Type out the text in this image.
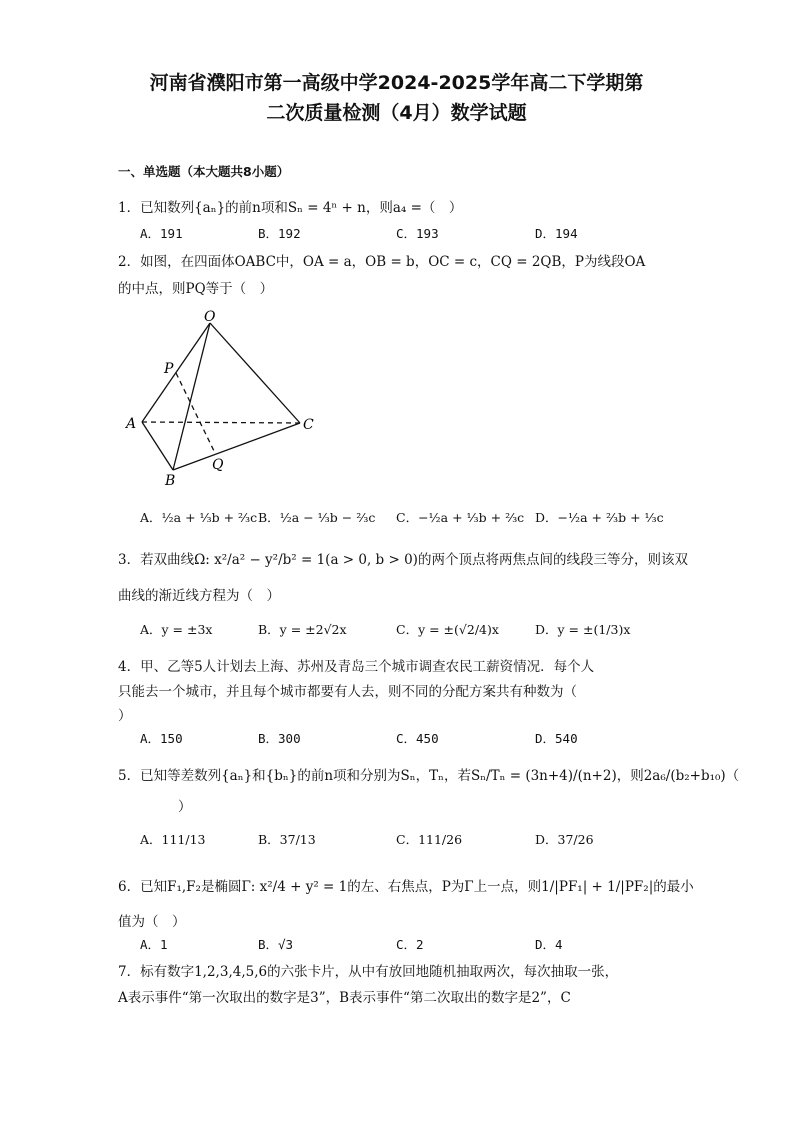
河南省濮阳市第一高级中学2024-2025学年高二下学期第
二次质量检测（4月）数学试题
一、单选题（本大题共8小题）
1．已知数列{aₙ}的前n项和Sₙ = 4ⁿ + n，则a₄ =（　）
A．191	B．192	C．193	D．194
2．如图，在四面体OABC中，OA = a，OB = b，OC = c，CQ = 2QB，P为线段OA
的中点，则PQ等于（　）
O
P
A	C
Q
B
A．½a + ⅓b + ⅔c B．½a − ⅓b − ⅔c C．−½a + ⅓b + ⅔c D．−½a + ⅔b + ⅓c
3．若双曲线Ω: x²/a² − y²/b² = 1(a > 0, b > 0)的两个顶点将两焦点间的线段三等分，则该双
曲线的渐近线方程为（　）
A．y = ±3x	B．y = ±2√2x	C．y = ±(√2/4)x	D．y = ±(1/3)x
4．甲、乙等5人计划去上海、苏州及青岛三个城市调查农民工薪资情况．每个人
只能去一个城市，并且每个城市都要有人去，则不同的分配方案共有种数为（
）
A．150	B．300	C．450	D．540
5．已知等差数列{aₙ}和{bₙ}的前n项和分别为Sₙ，Tₙ，若Sₙ/Tₙ = (3n+4)/(n+2)，则2a₆/(b₂+b₁₀)（
）
A．111/13	B．37/13	C．111/26	D．37/26
6．已知F₁,F₂是椭圆Γ: x²/4 + y² = 1的左、右焦点，P为Γ上一点，则1/|PF₁| + 1/|PF₂|的最小
值为（　）
A．1	B．√3	C．2	D．4
7．标有数字1,2,3,4,5,6的六张卡片，从中有放回地随机抽取两次，每次抽取一张，
A表示事件“第一次取出的数字是3”，B表示事件“第二次取出的数字是2”，C
